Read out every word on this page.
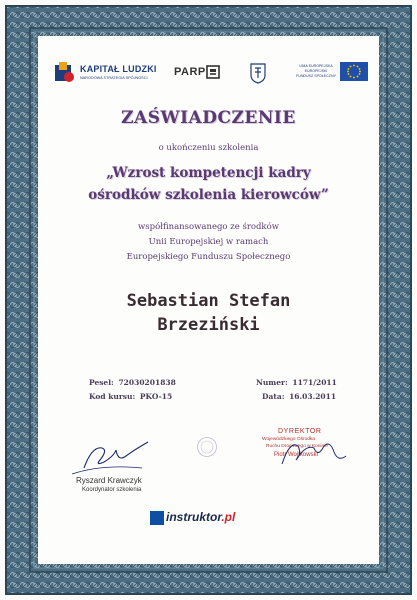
KAPITAŁ LUDZKI
NARODOWA STRATEGIA SPÓJNOŚCI PARP	UNIA EUROPEJSKA EUROPEJSKI FUNDUSZ SPOŁECZNY
ZAŚWIADCZENIE
o ukończeniu szkolenia
„Wzrost kompetencji kadry
ośrodków szkolenia kierowców”
współfinansowanego ze środków
Unii Europejskiej w ramach
Europejskiego Funduszu Społecznego
Sebastian Stefan
Brzeziński
Pesel: 72030201838
Kod kursu: PKO-15
Numer: 1171/2011
Data: 16.03.2011
Ryszard Krawczyk
Koordynator szkolenia
DYREKTOR
Wojewódzkiego Ośrodka
Ruchu Drogowego w Koninie
Piotr Wojtkowski
instruktor.pl
